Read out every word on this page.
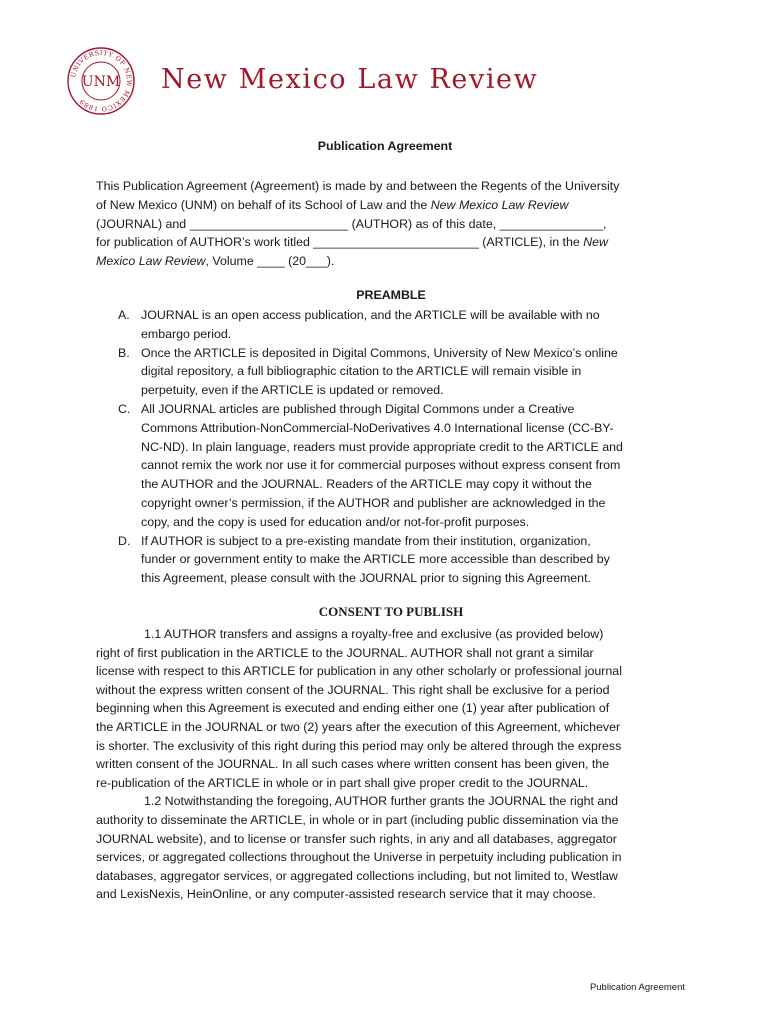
UNIVERSITY OF NEW MEXICO 1889
UNM New Mexico Law Review
Publication Agreement
This Publication Agreement (Agreement) is made by and between the Regents of the University
of New Mexico (UNM) on behalf of its School of Law and the New Mexico Law Review
(JOURNAL) and _______________________ (AUTHOR) as of this date, _______________,
for publication of AUTHOR’s work titled ________________________ (ARTICLE), in the New
Mexico Law Review, Volume ____ (20___).
PREAMBLE
A. JOURNAL is an open access publication, and the ARTICLE will be available with no
embargo period.
B. Once the ARTICLE is deposited in Digital Commons, University of New Mexico’s online
digital repository, a full bibliographic citation to the ARTICLE will remain visible in
perpetuity, even if the ARTICLE is updated or removed.
C. All JOURNAL articles are published through Digital Commons under a Creative
Commons Attribution-NonCommercial-NoDerivatives 4.0 International license (CC-BY-
NC-ND). In plain language, readers must provide appropriate credit to the ARTICLE and
cannot remix the work nor use it for commercial purposes without express consent from
the AUTHOR and the JOURNAL. Readers of the ARTICLE may copy it without the
copyright owner’s permission, if the AUTHOR and publisher are acknowledged in the
copy, and the copy is used for education and/or not-for-profit purposes.
D. If AUTHOR is subject to a pre-existing mandate from their institution, organization,
funder or government entity to make the ARTICLE more accessible than described by
this Agreement, please consult with the JOURNAL prior to signing this Agreement.
CONSENT TO PUBLISH
1.1 AUTHOR transfers and assigns a royalty-free and exclusive (as provided below)
right of first publication in the ARTICLE to the JOURNAL. AUTHOR shall not grant a similar
license with respect to this ARTICLE for publication in any other scholarly or professional journal
without the express written consent of the JOURNAL. This right shall be exclusive for a period
beginning when this Agreement is executed and ending either one (1) year after publication of
the ARTICLE in the JOURNAL or two (2) years after the execution of this Agreement, whichever
is shorter. The exclusivity of this right during this period may only be altered through the express
written consent of the JOURNAL. In all such cases where written consent has been given, the
re-publication of the ARTICLE in whole or in part shall give proper credit to the JOURNAL.
1.2 Notwithstanding the foregoing, AUTHOR further grants the JOURNAL the right and
authority to disseminate the ARTICLE, in whole or in part (including public dissemination via the
JOURNAL website), and to license or transfer such rights, in any and all databases, aggregator
services, or aggregated collections throughout the Universe in perpetuity including publication in
databases, aggregator services, or aggregated collections including, but not limited to, Westlaw
and LexisNexis, HeinOnline, or any computer-assisted research service that it may choose.
Publication Agreement
